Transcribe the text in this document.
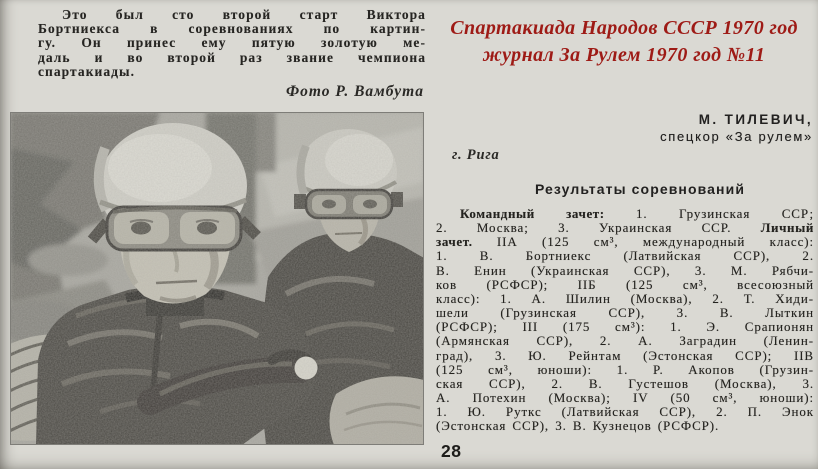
Это был сто второй старт Виктора
Бортниекса в соревнованиях по картин-
гу. Он принес ему пятую золотую ме-
даль и во второй раз звание чемпиона
спартакиады.
Фото Р. Вамбута
Спартакиада Народов СССР 1970 год
журнал За Рулем 1970 год №11
М. ТИЛЕВИЧ,
спецкор «За рулем»
г. Рига
Результаты соревнований
Командный зачет: 1. Грузинская ССР;
2. Москва; 3. Украинская ССР. Личный
зачет. IIА (125 см³, международный класс):
1. В. Бортниекс (Латвийская ССР), 2.
В. Енин (Украинская ССР), 3. М. Рябчи-
ков (РСФСР); IIБ (125 см³, всесоюзный
класс): 1. А. Шилин (Москва), 2. Т. Хиди-
шели (Грузинская ССР), 3. В. Лыткин
(РСФСР); III (175 см³): 1. Э. Срапионян
(Армянская ССР), 2. А. Заградин (Ленин-
град), 3. Ю. Рейнтам (Эстонская ССР); IIВ
(125 см³, юноши): 1. Р. Акопов (Грузин-
ская ССР), 2. В. Густешов (Москва), 3.
А. Потехин (Москва); IV (50 см³, юноши):
1. Ю. Руткс (Латвийская ССР), 2. П. Энок
(Эстонская ССР), 3. В. Кузнецов (РСФСР).
28
